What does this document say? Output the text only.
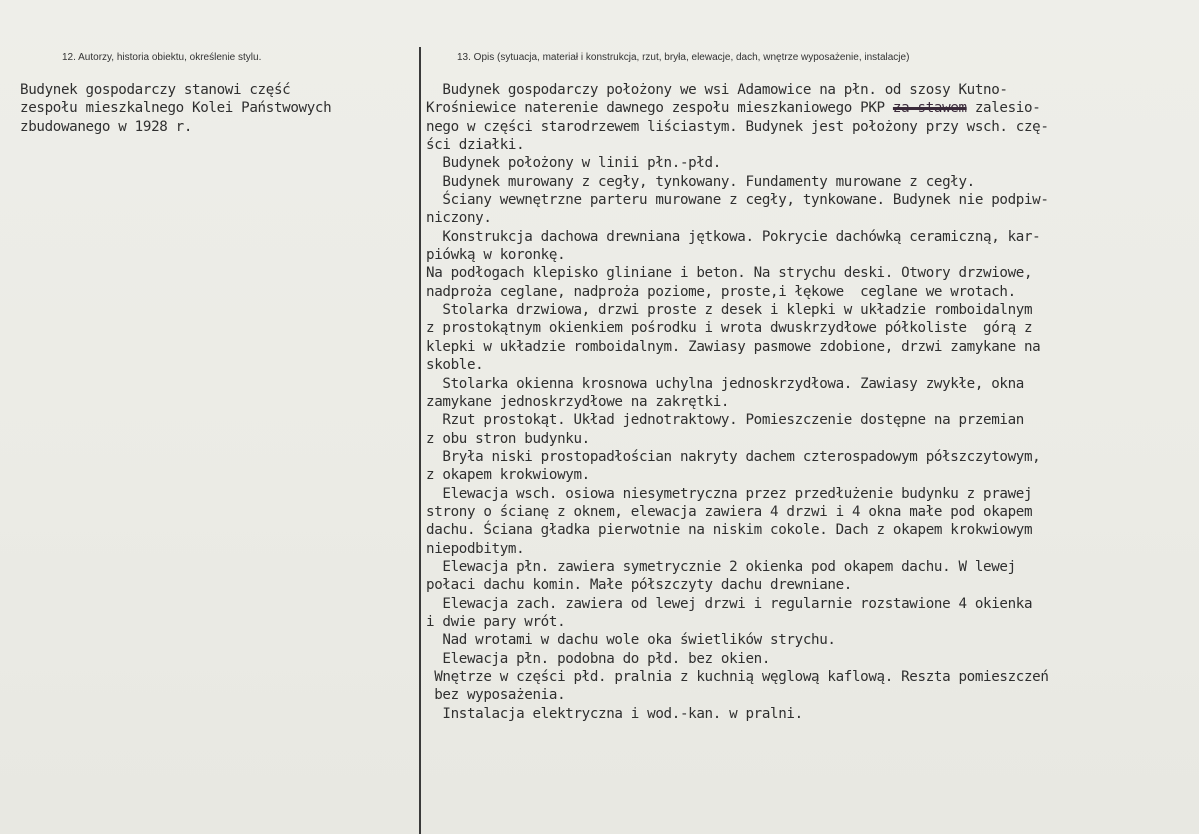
12. Autorzy, historia obiektu, określenie stylu.	13. Opis (sytuacja, materiał i konstrukcja, rzut, bryła, elewacje, dach, wnętrze wyposażenie, instalacje)
Budynek gospodarczy stanowi część
zespołu mieszkalnego Kolei Państwowych
zbudowanego w 1928 r.
Budynek gospodarczy położony we wsi Adamowice na płn. od szosy Kutno-
Krośniewice naterenie dawnego zespołu mieszkaniowego PKP za stawem zalesio-
nego w części starodrzewem liściastym. Budynek jest położony przy wsch. czę-
ści działki.
Budynek położony w linii płn.-płd.
Budynek murowany z cegły, tynkowany. Fundamenty murowane z cegły.
Ściany wewnętrzne parteru murowane z cegły, tynkowane. Budynek nie podpiw-
niczony.
Konstrukcja dachowa drewniana jętkowa. Pokrycie dachówką ceramiczną, kar-
piówką w koronkę.
Na podłogach klepisko gliniane i beton. Na strychu deski. Otwory drzwiowe,
nadproża ceglane, nadproża poziome, proste,i łękowe  ceglane we wrotach.
Stolarka drzwiowa, drzwi proste z desek i klepki w układzie romboidalnym
z prostokątnym okienkiem pośrodku i wrota dwuskrzydłowe półkoliste  górą z
klepki w układzie romboidalnym. Zawiasy pasmowe zdobione, drzwi zamykane na
skoble.
Stolarka okienna krosnowa uchylna jednoskrzydłowa. Zawiasy zwykłe, okna
zamykane jednoskrzydłowe na zakrętki.
Rzut prostokąt. Układ jednotraktowy. Pomieszczenie dostępne na przemian
z obu stron budynku.
Bryła niski prostopadłościan nakryty dachem czterospadowym półszczytowym,
z okapem krokwiowym.
Elewacja wsch. osiowa niesymetryczna przez przedłużenie budynku z prawej
strony o ścianę z oknem, elewacja zawiera 4 drzwi i 4 okna małe pod okapem
dachu. Ściana gładka pierwotnie na niskim cokole. Dach z okapem krokwiowym
niepodbitym.
Elewacja płn. zawiera symetrycznie 2 okienka pod okapem dachu. W lewej
połaci dachu komin. Małe półszczyty dachu drewniane.
Elewacja zach. zawiera od lewej drzwi i regularnie rozstawione 4 okienka
i dwie pary wrót.
Nad wrotami w dachu wole oka świetlików strychu.
Elewacja płn. podobna do płd. bez okien.
Wnętrze w części płd. pralnia z kuchnią węglową kaflową. Reszta pomieszczeń
bez wyposażenia.
Instalacja elektryczna i wod.-kan. w pralni.
